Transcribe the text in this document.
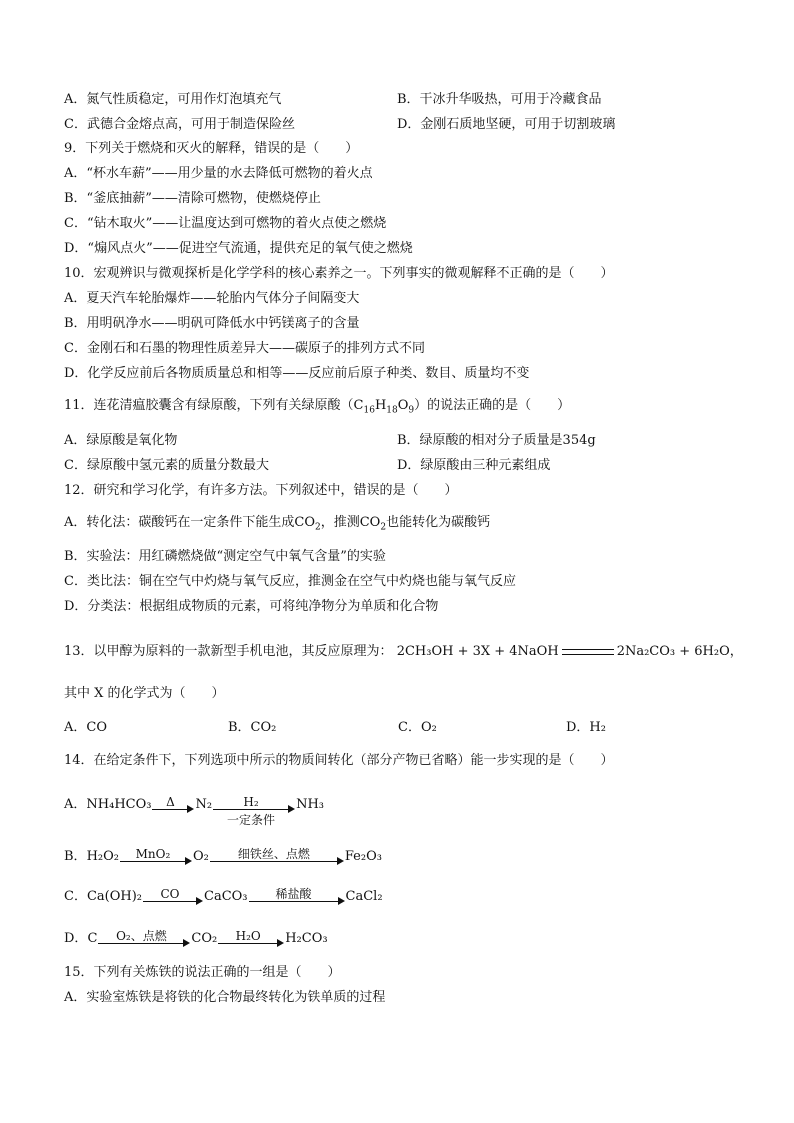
A．氮气性质稳定，可用作灯泡填充气	B．干冰升华吸热，可用于冷藏食品
C．武德合金熔点高，可用于制造保险丝	D．金刚石质地坚硬，可用于切割玻璃
9．下列关于燃烧和灭火的解释，错误的是（　　）
A．“杯水车薪”——用少量的水去降低可燃物的着火点
B．“釜底抽薪”——清除可燃物，使燃烧停止
C．“钻木取火”——让温度达到可燃物的着火点使之燃烧
D．“煽风点火”——促进空气流通，提供充足的氧气使之燃烧
10．宏观辨识与微观探析是化学学科的核心素养之一。下列事实的微观解释不正确的是（　　）
A．夏天汽车轮胎爆炸——轮胎内气体分子间隔变大
B．用明矾净水——明矾可降低水中钙镁离子的含量
C．金刚石和石墨的物理性质差异大——碳原子的排列方式不同
D．化学反应前后各物质质量总和相等——反应前后原子种类、数目、质量均不变
11．连花清瘟胶囊含有绿原酸，下列有关绿原酸$(C_{16}H_{18}O_9)$的说法正确的是（　　）
A．绿原酸是氧化物	B．绿原酸的相对分子质量是354g
C．绿原酸中氢元素的质量分数最大	D．绿原酸由三种元素组成
12．研究和学习化学，有许多方法。下列叙述中，错误的是（　　）
A．转化法：碳酸钙在一定条件下能生成$CO_2$，推测$CO_2$也能转化为碳酸钙
B．实验法：用红磷燃烧做“测定空气中氧气含量”的实验
C．类比法：铜在空气中灼烧与氧气反应，推测金在空气中灼烧也能与氧气反应
D．分类法：根据组成物质的元素，可将纯净物分为单质和化合物
13．以甲醇为原料的一款新型手机电池，其反应原理为： 2CH₃OH + 3X + 4NaOH	2Na₂CO₃ + 6H₂O，
其中 X 的化学式为（　　）
A．CO	B．CO₂	C．O₂	D．H₂
14．在给定条件下，下列选项中所示的物质间转化（部分产物已省略）能一步实现的是（　　）
A．NH₄HCO₃	Δ	N₂	H₂
一定条件
NH₃
B．H₂O₂	MnO₂	O₂	细铁丝、点燃	Fe₂O₃
C．Ca(OH)₂	CO	CaCO₃	稀盐酸	CaCl₂
D．C	O₂、点燃	CO₂	H₂O	H₂CO₃
15．下列有关炼铁的说法正确的一组是（　　）
A．实验室炼铁是将铁的化合物最终转化为铁单质的过程
